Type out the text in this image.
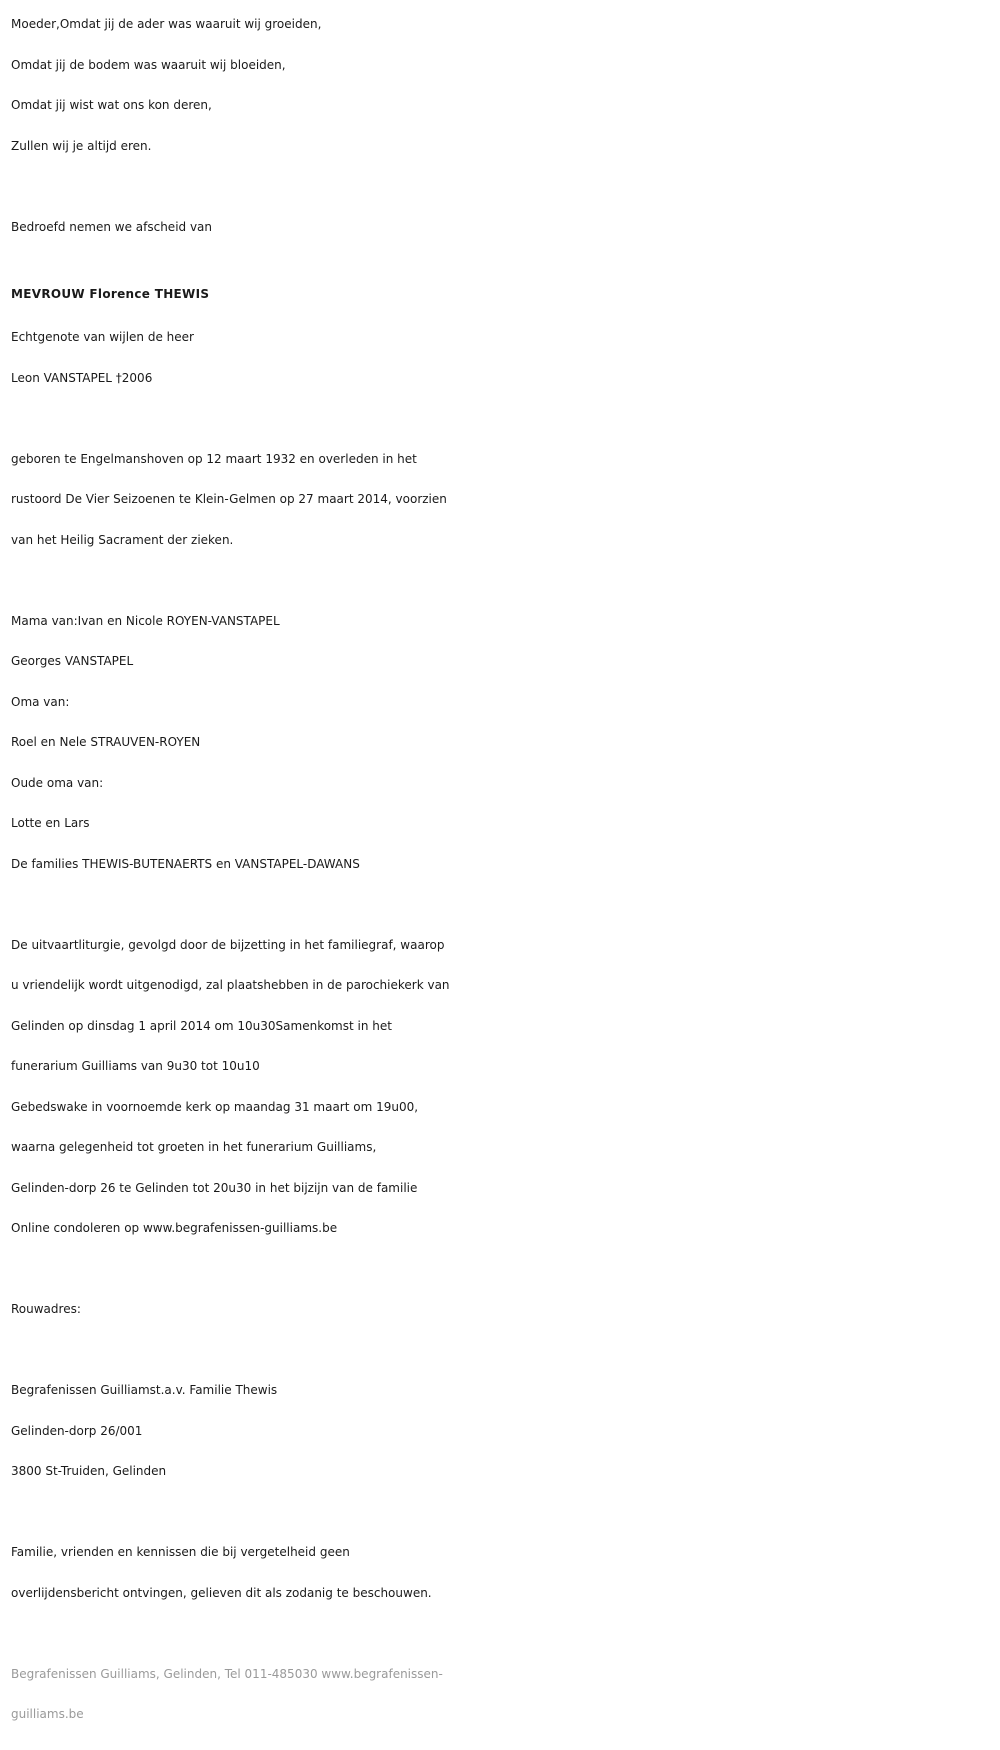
Moeder,Omdat jij de ader was waaruit wij groeiden,
Omdat jij de bodem was waaruit wij bloeiden,
Omdat jij wist wat ons kon deren,
Zullen wij je altijd eren.
Bedroefd nemen we afscheid van
MEVROUW Florence THEWIS
Echtgenote van wijlen de heer
Leon VANSTAPEL †2006
geboren te Engelmanshoven op 12 maart 1932 en overleden in het
rustoord De Vier Seizoenen te Klein-Gelmen op 27 maart 2014, voorzien
van het Heilig Sacrament der zieken.
Mama van:Ivan en Nicole ROYEN-VANSTAPEL
Georges VANSTAPEL
Oma van:
Roel en Nele STRAUVEN-ROYEN
Oude oma van:
Lotte en Lars
De families THEWIS-BUTENAERTS en VANSTAPEL-DAWANS
De uitvaartliturgie, gevolgd door de bijzetting in het familiegraf, waarop
u vriendelijk wordt uitgenodigd, zal plaatshebben in de parochiekerk van
Gelinden op dinsdag 1 april 2014 om 10u30Samenkomst in het
funerarium Guilliams van 9u30 tot 10u10
Gebedswake in voornoemde kerk op maandag 31 maart om 19u00,
waarna gelegenheid tot groeten in het funerarium Guilliams,
Gelinden-dorp 26 te Gelinden tot 20u30 in het bijzijn van de familie
Online condoleren op www.begrafenissen-guilliams.be
Rouwadres:
Begrafenissen Guilliamst.a.v. Familie Thewis
Gelinden-dorp 26/001
3800 St-Truiden, Gelinden
Familie, vrienden en kennissen die bij vergetelheid geen
overlijdensbericht ontvingen, gelieven dit als zodanig te beschouwen.
Begrafenissen Guilliams, Gelinden, Tel 011-485030 www.begrafenissen-
guilliams.be
